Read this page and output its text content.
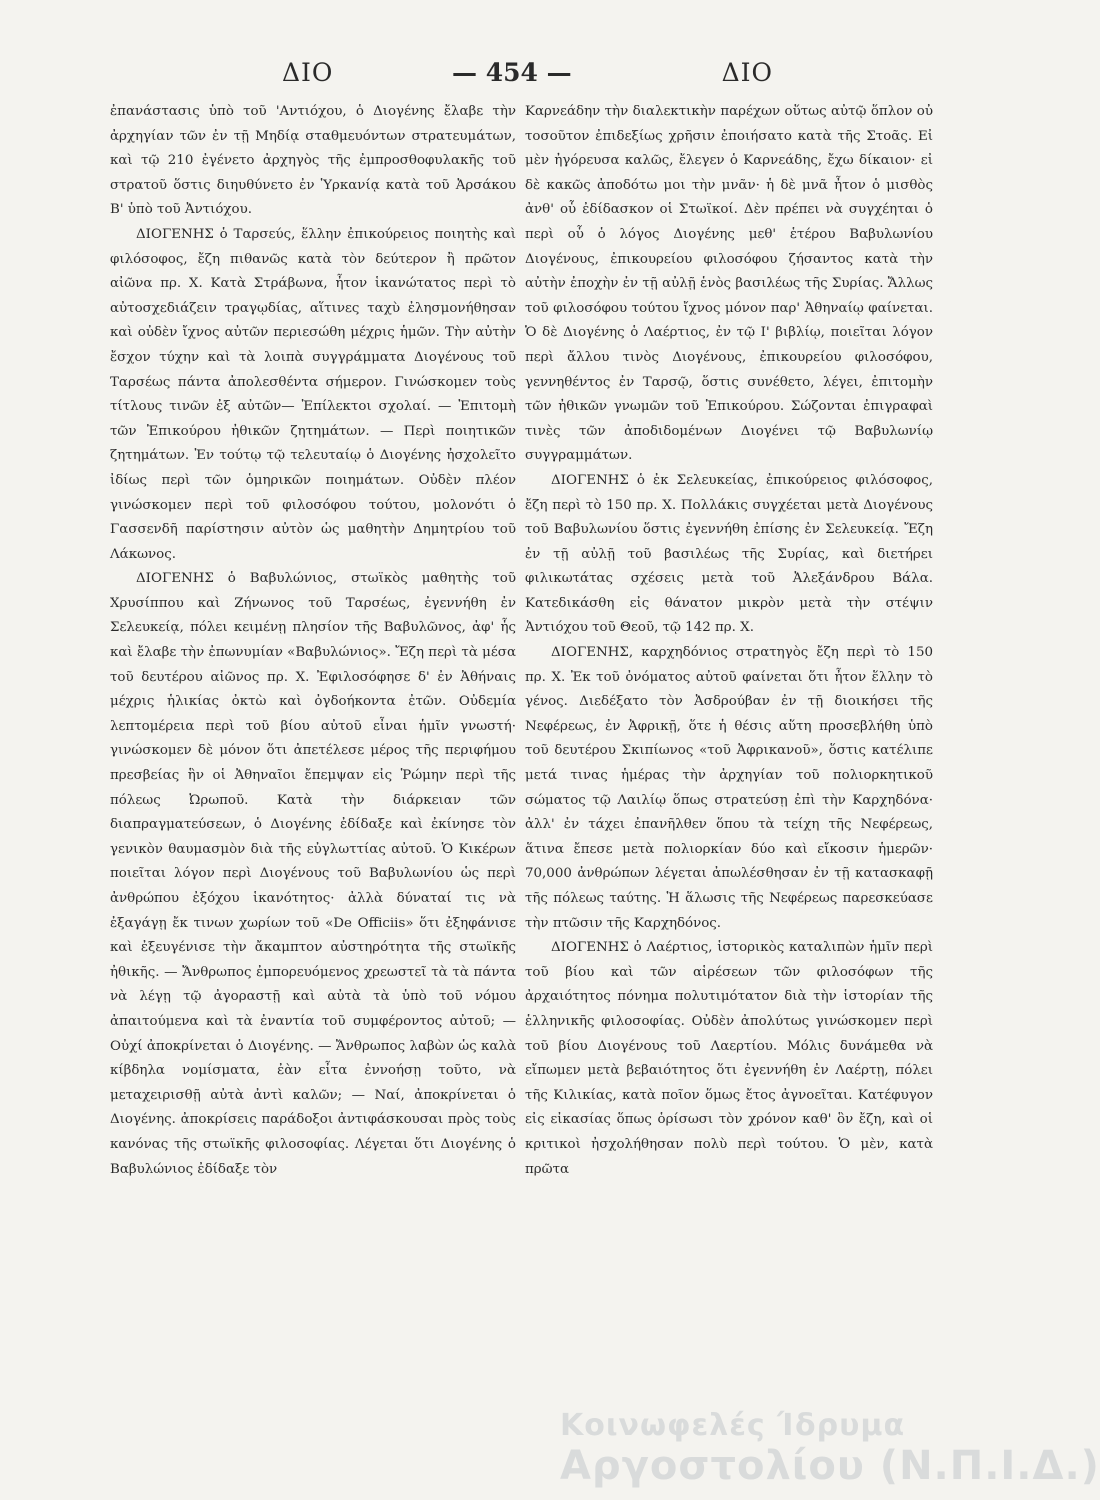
ΔΙΟ	— 454 —	ΔΙΟ

ἐπανάστασις ὑπὸ τοῦ 'Αντιόχου, ὁ Διογένης ἔλαβε τὴν ἀρχηγίαν τῶν ἐν τῇ Μηδίᾳ σταθμευόντων στρατευμάτων, καὶ τῷ 210 ἐγένετο ἀρχηγὸς τῆς ἐμπροσθοφυλακῆς τοῦ στρατοῦ ὅστις διηυθύνετο ἐν Ὑρκανίᾳ κατὰ τοῦ Ἀρσάκου Β' ὑπὸ τοῦ Ἀντιόχου.

ΔΙΟΓΕΝΗΣ ὁ Ταρσεύς, ἕλλην ἐπικούρειος ποιητὴς καὶ φιλόσοφος, ἔζη πιθανῶς κατὰ τὸν δεύτερον ἢ πρῶτον αἰῶνα πρ. Χ. Κατὰ Στράβωνα, ἦτον ἱκανώτατος περὶ τὸ αὐτοσχεδιάζειν τραγῳδίας, αἵτινες ταχὺ ἐλησμονήθησαν καὶ οὐδὲν ἴχνος αὐτῶν περιεσώθη μέχρις ἡμῶν. Τὴν αὐτὴν ἔσχον τύχην καὶ τὰ λοιπὰ συγγράμματα Διογένους τοῦ Ταρσέως πάντα ἀπολεσθέντα σήμερον. Γινώσκομεν τοὺς τίτλους τινῶν ἐξ αὐτῶν— Ἐπίλεκτοι σχολαί. — Ἐπιτομὴ τῶν Ἐπικούρου ἠθικῶν ζητημάτων. — Περὶ ποιητικῶν ζητημάτων. Ἐν τούτῳ τῷ τελευταίῳ ὁ Διογένης ἠσχολεῖτο ἰδίως περὶ τῶν ὁμηρικῶν ποιημάτων. Οὐδὲν πλέον γινώσκομεν περὶ τοῦ φιλοσόφου τούτου, μολονότι ὁ Γασσενδῆ παρίστησιν αὐτὸν ὡς μαθητὴν Δημητρίου τοῦ Λάκωνος.

ΔΙΟΓΕΝΗΣ ὁ Βαβυλώνιος, στωϊκὸς μαθητὴς τοῦ Χρυσίππου καὶ Ζήνωνος τοῦ Ταρσέως, ἐγεννήθη ἐν Σελευκείᾳ, πόλει κειμένῃ πλησίον τῆς Βαβυλῶνος, ἀφ' ἧς καὶ ἔλαβε τὴν ἐπωνυμίαν «Βαβυλώνιος». Ἔζη περὶ τὰ μέσα τοῦ δευτέρου αἰῶνος πρ. Χ. Ἐφιλοσόφησε δ' ἐν Ἀθήναις μέχρις ἡλικίας ὀκτὼ καὶ ὀγδοήκοντα ἐτῶν. Οὐδεμία λεπτομέρεια περὶ τοῦ βίου αὐτοῦ εἶναι ἡμῖν γνωστή· γινώσκομεν δὲ μόνον ὅτι ἀπετέλεσε μέρος τῆς περιφήμου πρεσβείας ἣν οἱ Ἀθηναῖοι ἔπεμψαν εἰς Ῥώμην περὶ τῆς πόλεως Ὠρωποῦ. Κατὰ τὴν διάρκειαν τῶν διαπραγματεύσεων, ὁ Διογένης ἐδίδαξε καὶ ἐκίνησε τὸν γενικὸν θαυμασμὸν διὰ τῆς εὐγλωττίας αὐτοῦ. Ὁ Κικέρων ποιεῖται λόγον περὶ Διογένους τοῦ Βαβυλωνίου ὡς περὶ ἀνθρώπου ἐξόχου ἱκανότητος· ἀλλὰ δύναταί τις νὰ ἐξαγάγῃ ἔκ τινων χωρίων τοῦ «De Officiis» ὅτι ἐξηφάνισε καὶ ἐξευγένισε τὴν ἄκαμπτον αὐστηρότητα τῆς στωϊκῆς ἠθικῆς. — Ἄνθρωπος ἐμπορευόμενος χρεωστεῖ τὰ τὰ πάντα νὰ λέγῃ τῷ ἀγοραστῇ καὶ αὐτὰ τὰ ὑπὸ τοῦ νόμου ἀπαιτούμενα καὶ τὰ ἐναντία τοῦ συμφέροντος αὐτοῦ; — Οὐχί ἀποκρίνεται ὁ Διογένης. — Ἄνθρωπος λαβὼν ὡς καλὰ κίβδηλα νομίσματα, ἐὰν εἶτα ἐννοήσῃ τοῦτο, νὰ μεταχειρισθῇ αὐτὰ ἀντὶ καλῶν; — Ναί, ἀποκρίνεται ὁ Διογένης. ἀποκρίσεις παράδοξοι ἀντιφάσκουσαι πρὸς τοὺς κανόνας τῆς στωϊκῆς φιλοσοφίας. Λέγεται ὅτι Διογένης ὁ Βαβυλώνιος ἐδίδαξε τὸν

Καρνεάδην τὴν διαλεκτικὴν παρέχων οὕτως αὐτῷ ὅπλον οὐ τοσοῦτον ἐπιδεξίως χρῆσιν ἐποιήσατο κατὰ τῆς Στοᾶς. Εἰ μὲν ἠγόρευσα καλῶς, ἔλεγεν ὁ Καρνεάδης, ἔχω δίκαιον· εἰ δὲ κακῶς ἀποδότω μοι τὴν μνᾶν· ἡ δὲ μνᾶ ἦτον ὁ μισθὸς ἀνθ' οὗ ἐδίδασκον οἱ Στωϊκοί. Δὲν πρέπει νὰ συγχέηται ὁ περὶ οὗ ὁ λόγος Διογένης μεθ' ἑτέρου Βαβυλωνίου Διογένους, ἐπικουρείου φιλοσόφου ζήσαντος κατὰ τὴν αὐτὴν ἐποχὴν ἐν τῇ αὐλῇ ἑνὸς βασιλέως τῆς Συρίας. Ἄλλως τοῦ φιλοσόφου τούτου ἴχνος μόνον παρ' Ἀθηναίῳ φαίνεται. Ὁ δὲ Διογένης ὁ Λαέρτιος, ἐν τῷ Ι' βιβλίῳ, ποιεῖται λόγον περὶ ἄλλου τινὸς Διογένους, ἐπικουρείου φιλοσόφου, γεννηθέντος ἐν Ταρσῷ, ὅστις συνέθετο, λέγει, ἐπιτομὴν τῶν ἠθικῶν γνωμῶν τοῦ Ἐπικούρου. Σώζονται ἐπιγραφαὶ τινὲς τῶν ἀποδιδομένων Διογένει τῷ Βαβυλωνίῳ συγγραμμάτων.

ΔΙΟΓΕΝΗΣ ὁ ἐκ Σελευκείας, ἐπικούρειος φιλόσοφος, ἔζη περὶ τὸ 150 πρ. Χ. Πολλάκις συγχέεται μετὰ Διογένους τοῦ Βαβυλωνίου ὅστις ἐγεννήθη ἐπίσης ἐν Σελευκείᾳ. Ἔζη ἐν τῇ αὐλῇ τοῦ βασιλέως τῆς Συρίας, καὶ διετήρει φιλικωτάτας σχέσεις μετὰ τοῦ Ἀλεξάνδρου Βάλα. Κατεδικάσθη εἰς θάνατον μικρὸν μετὰ τὴν στέψιν Ἀντιόχου τοῦ Θεοῦ, τῷ 142 πρ. Χ.

ΔΙΟΓΕΝΗΣ, καρχηδόνιος στρατηγὸς ἔζη περὶ τὸ 150 πρ. Χ. Ἐκ τοῦ ὀνόματος αὐτοῦ φαίνεται ὅτι ἦτον ἕλλην τὸ γένος. Διεδέξατο τὸν Ἀσδρούβαν ἐν τῇ διοικήσει τῆς Νεφέρεως, ἐν Ἀφρικῇ, ὅτε ἡ θέσις αὕτη προσεβλήθη ὑπὸ τοῦ δευτέρου Σκιπίωνος «τοῦ Ἀφρικανοῦ», ὅστις κατέλιπε μετά τινας ἡμέρας τὴν ἀρχηγίαν τοῦ πολιορκητικοῦ σώματος τῷ Λαιλίῳ ὅπως στρατεύσῃ ἐπὶ τὴν Καρχηδόνα· ἀλλ' ἐν τάχει ἐπανῆλθεν ὅπου τὰ τείχη τῆς Νεφέρεως, ἅτινα ἔπεσε μετὰ πολιορκίαν δύο καὶ εἴκοσιν ἡμερῶν· 70,000 ἀνθρώπων λέγεται ἀπωλέσθησαν ἐν τῇ κατασκαφῇ τῆς πόλεως ταύτης. Ἡ ἅλωσις τῆς Νεφέρεως παρεσκεύασε τὴν πτῶσιν τῆς Καρχηδόνος.

ΔΙΟΓΕΝΗΣ ὁ Λαέρτιος, ἱστορικὸς καταλιπὼν ἡμῖν περὶ τοῦ βίου καὶ τῶν αἱρέσεων τῶν φιλοσόφων τῆς ἀρχαιότητος πόνημα πολυτιμότατον διὰ τὴν ἱστορίαν τῆς ἑλληνικῆς φιλοσοφίας. Οὐδὲν ἀπολύτως γινώσκομεν περὶ τοῦ βίου Διογένους τοῦ Λαερτίου. Μόλις δυνάμεθα νὰ εἴπωμεν μετὰ βεβαιότητος ὅτι ἐγεννήθη ἐν Λαέρτῃ, πόλει τῆς Κιλικίας, κατὰ ποῖον ὅμως ἔτος ἀγνοεῖται. Κατέφυγον εἰς εἰκασίας ὅπως ὁρίσωσι τὸν χρόνον καθ' ὃν ἔζη, καὶ οἱ κριτικοὶ ἠσχολήθησαν πολὺ περὶ τούτου. Ὁ μὲν, κατὰ πρῶτα

Κοινωφελές Ίδρυμα
Αργοστολίου (Ν.Π.Ι.Δ.)
